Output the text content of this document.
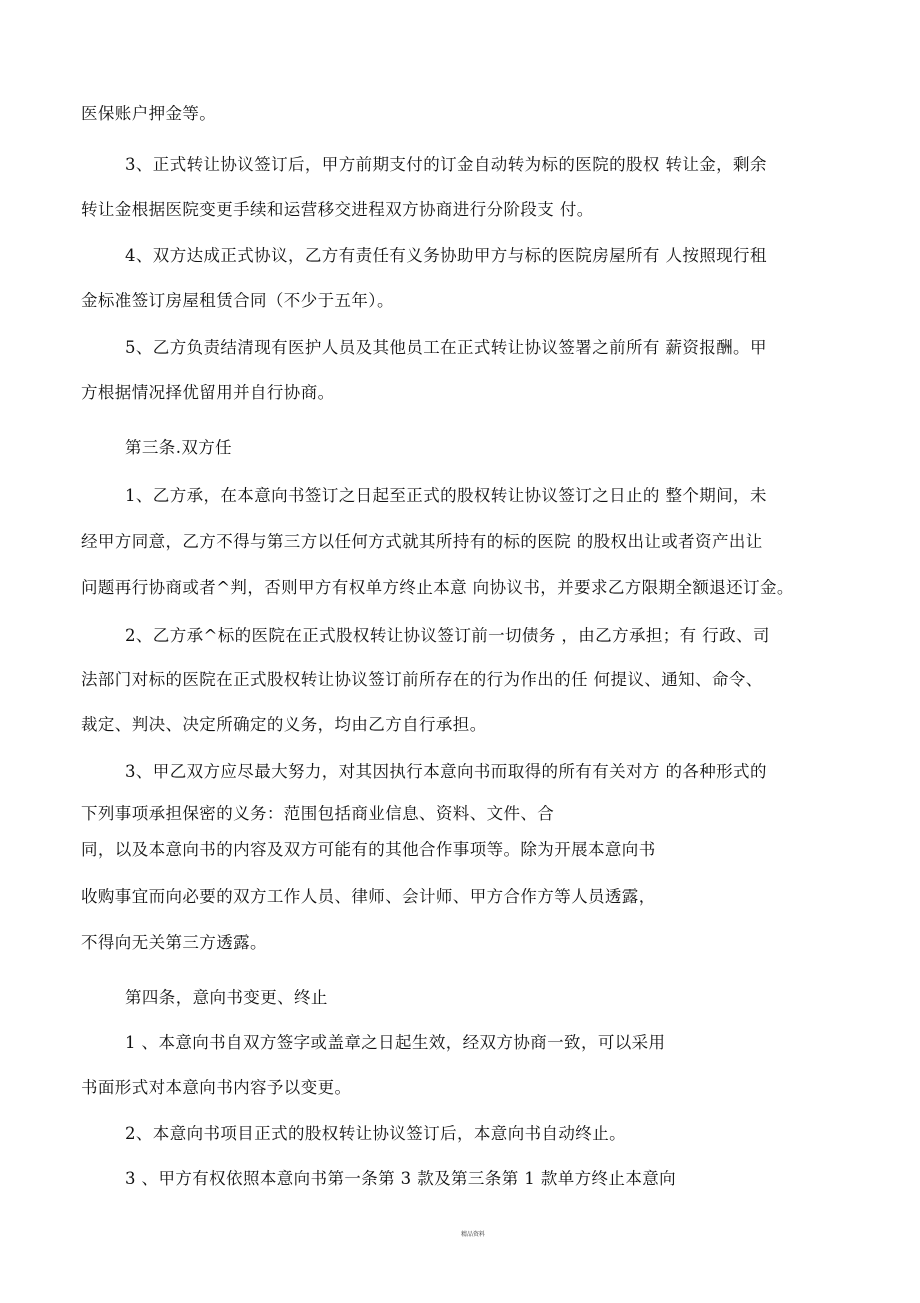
医保账户押金等。
3、正式转让协议签订后，甲方前期支付的订金自动转为标的医院的股权 转让金，剩余
转让金根据医院变更手续和运营移交进程双方协商进行分阶段支 付。
4、双方达成正式协议，乙方有责任有义务协助甲方与标的医院房屋所有 人按照现行租
金标准签订房屋租赁合同（不少于五年）。
5、乙方负责结清现有医护人员及其他员工在正式转让协议签署之前所有 薪资报酬。甲
方根据情况择优留用并自行协商。
第三条.双方任
1、乙方承，在本意向书签订之日起至正式的股权转让协议签订之日止的 整个期间，未
经甲方同意，乙方不得与第三方以任何方式就其所持有的标的医院 的股权出让或者资产出让
问题再行协商或者^判，否则甲方有权单方终止本意 向协议书，并要求乙方限期全额退还订金。
2、乙方承^标的医院在正式股权转让协议签订前一切债务 ，由乙方承担；有 行政、司
法部门对标的医院在正式股权转让协议签订前所存在的行为作出的任 何提议、通知、命令、
裁定、判决、决定所确定的义务，均由乙方自行承担。
3、甲乙双方应尽最大努力，对其因执行本意向书而取得的所有有关对方 的各种形式的
下列事项承担保密的义务：范围包括商业信息、资料、文件、合
同，以及本意向书的内容及双方可能有的其他合作事项等。除为开展本意向书
收购事宜而向必要的双方工作人员、律师、会计师、甲方合作方等人员透露，
不得向无关第三方透露。
第四条，意向书变更、终止
1 、本意向书自双方签字或盖章之日起生效，经双方协商一致，可以采用
书面形式对本意向书内容予以变更。
2、本意向书项目正式的股权转让协议签订后，本意向书自动终止。
3 、甲方有权依照本意向书第一条第 3 款及第三条第 1 款单方终止本意向
精品资料
